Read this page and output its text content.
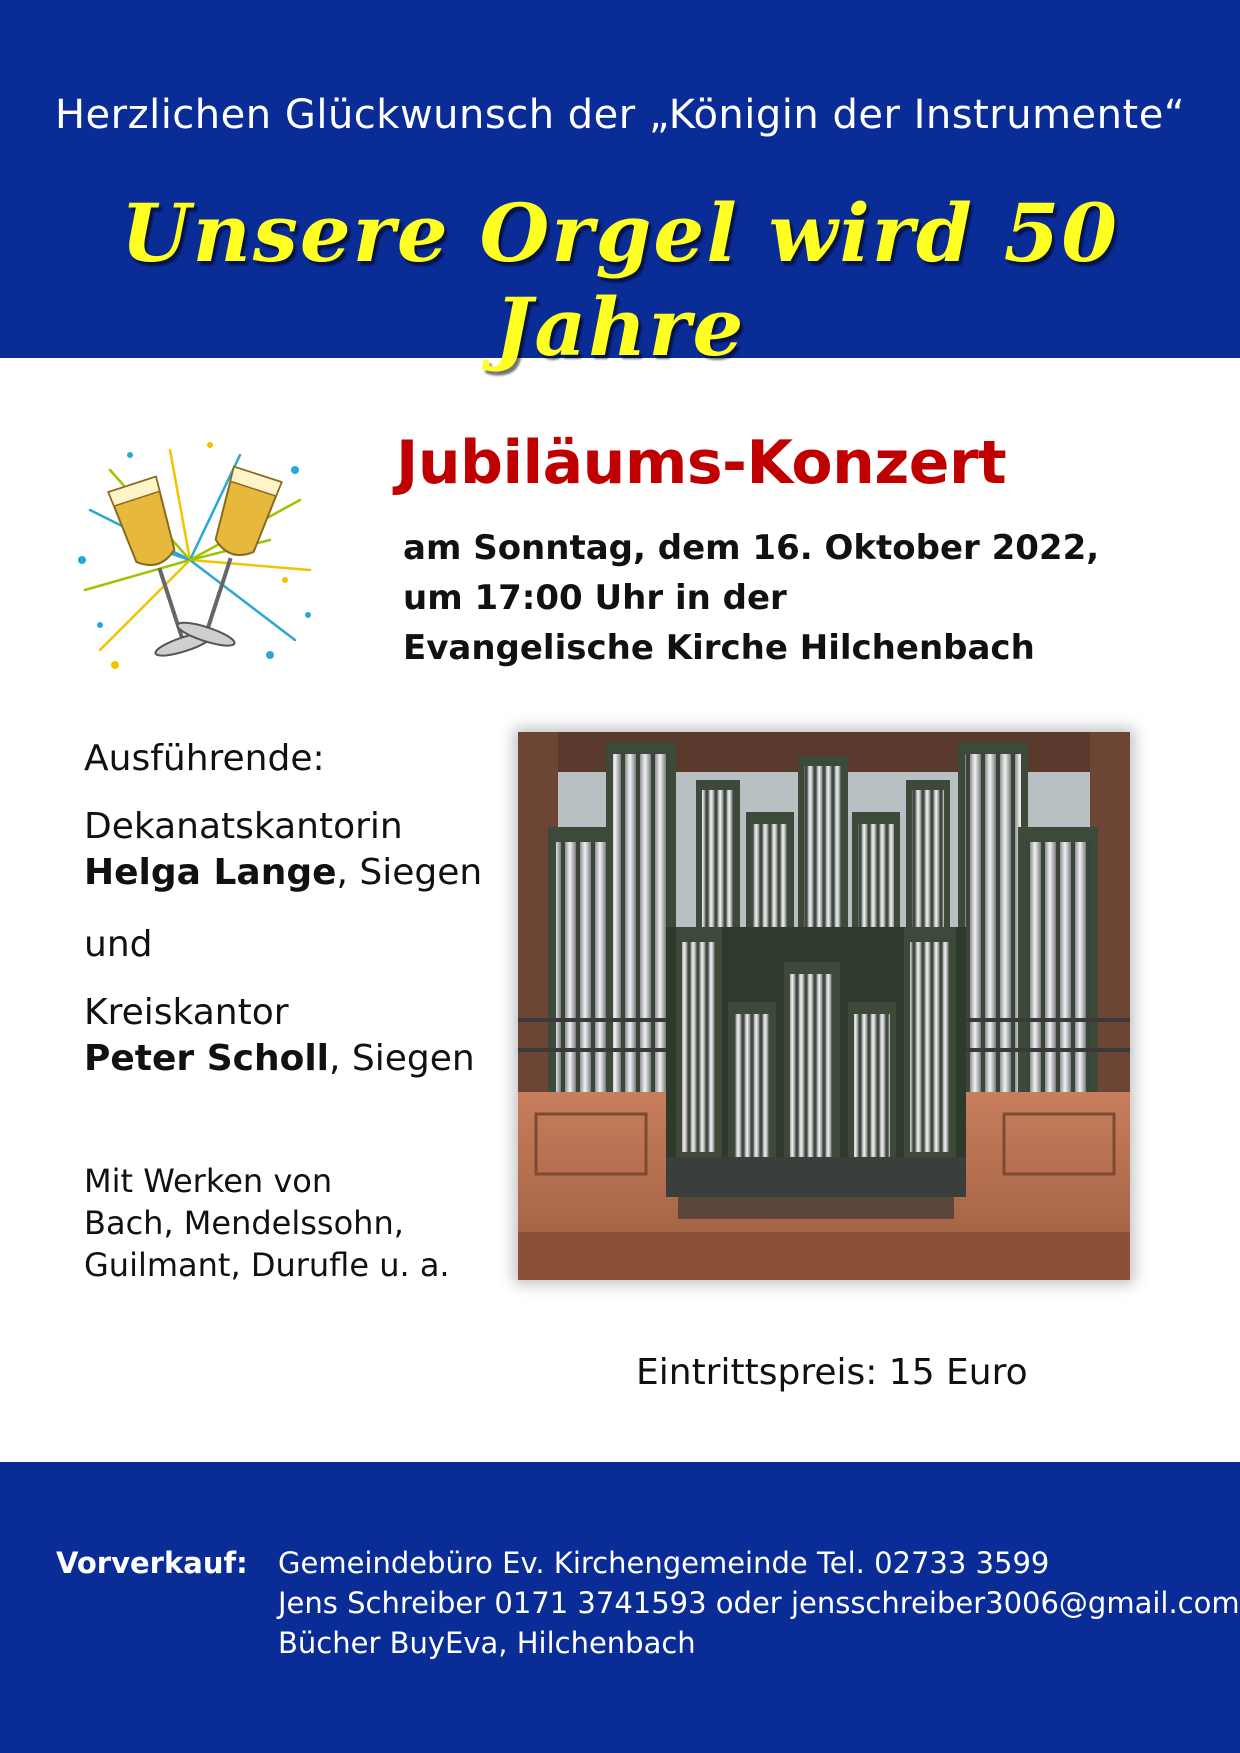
Herzlichen Glückwunsch der „Königin der Instrumente“
Unsere Orgel wird 50 Jahre
Jubiläums-Konzert
am Sonntag, dem 16. Oktober 2022,
um 17:00 Uhr in der
Evangelische Kirche Hilchenbach
Ausführende:
Dekanatskantorin
Helga Lange, Siegen
und
Kreiskantor
Peter Scholl, Siegen
Mit Werken von
Bach, Mendelssohn,
Guilmant, Durufle u. a.
Eintrittspreis: 15 Euro
Vorverkauf: Gemeindebüro Ev. Kirchengemeinde Tel. 02733 3599
Jens Schreiber 0171 3741593 oder jensschreiber3006@gmail.com
Bücher BuyEva, Hilchenbach
